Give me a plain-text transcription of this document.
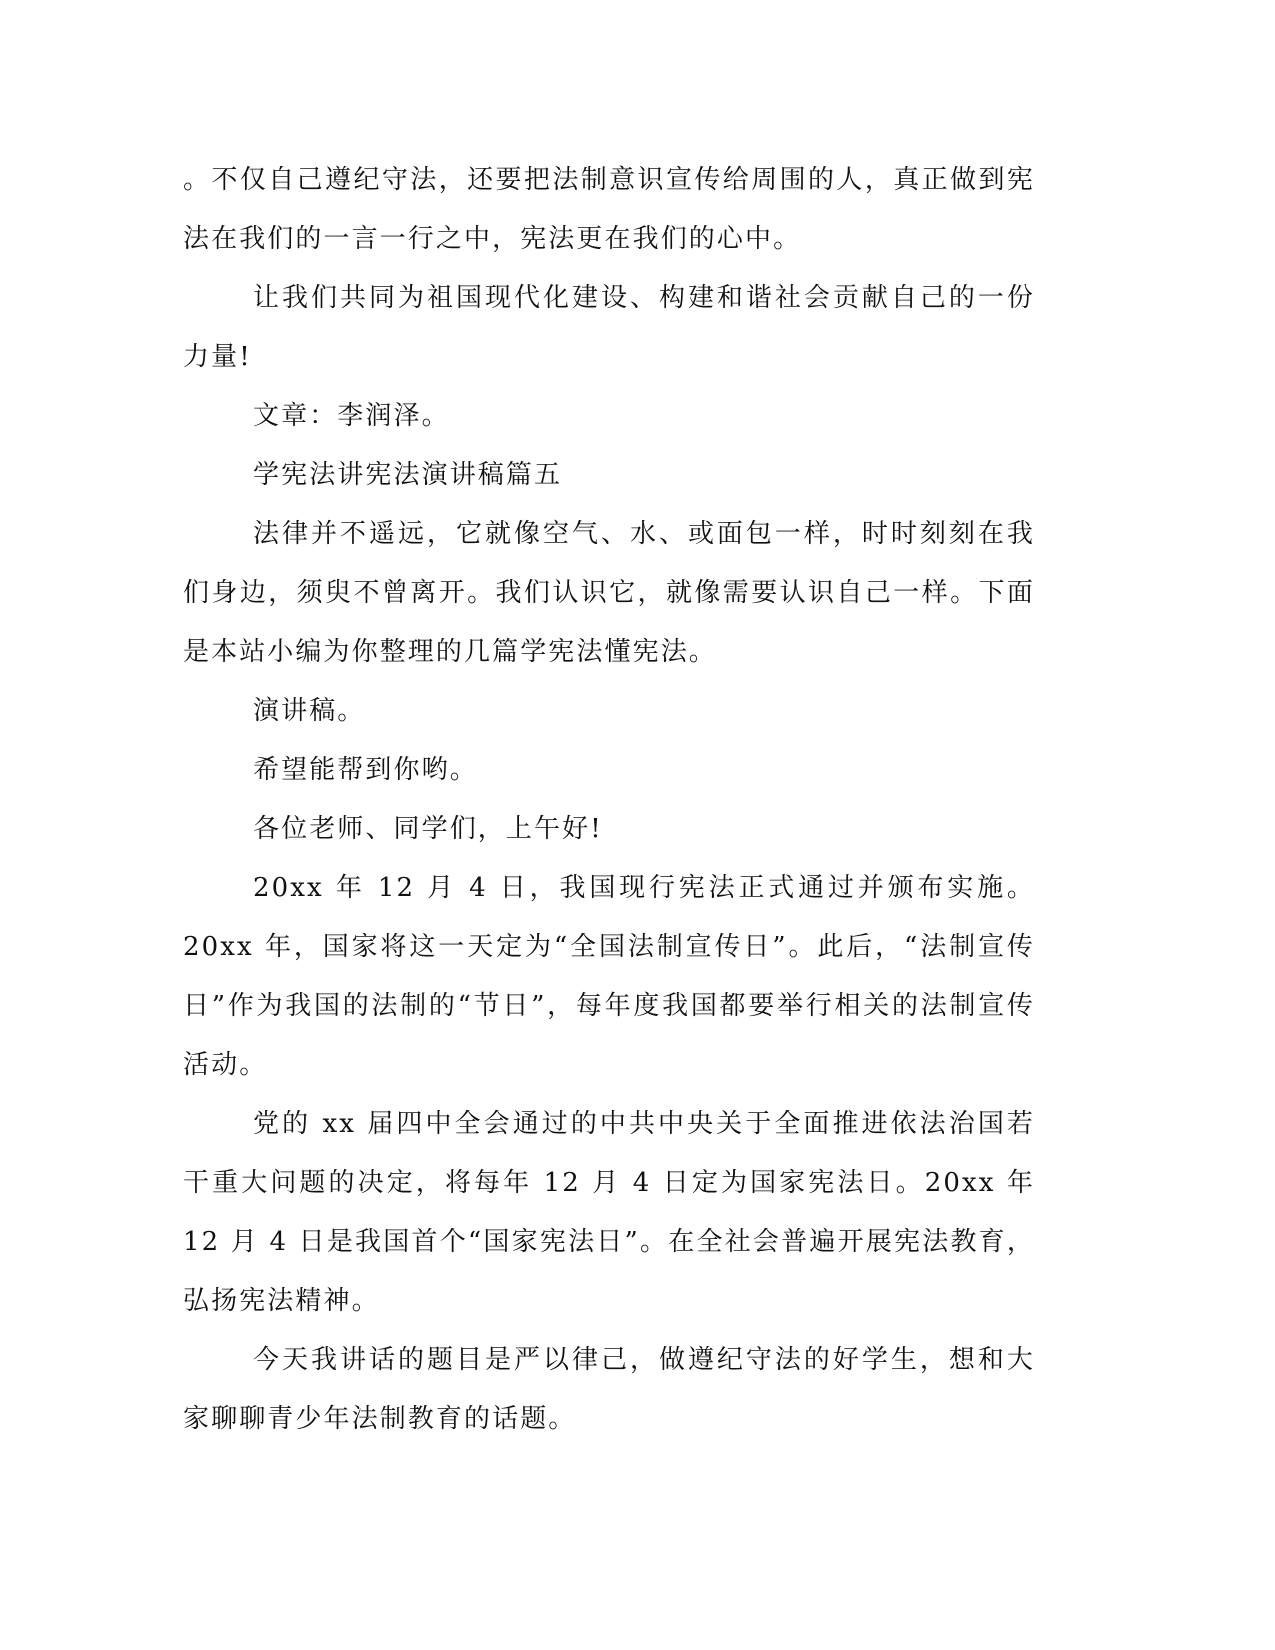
。不仅自己遵纪守法，还要把法制意识宣传给周围的人，真正做到宪法在我们的一言一行之中，宪法更在我们的心中。

让我们共同为祖国现代化建设、构建和谐社会贡献自己的一份力量!

文章：李润泽。

学宪法讲宪法演讲稿篇五

法律并不遥远，它就像空气、水、或面包一样，时时刻刻在我们身边，须臾不曾离开。我们认识它，就像需要认识自己一样。下面是本站小编为你整理的几篇学宪法懂宪法。

演讲稿。

希望能帮到你哟。

各位老师、同学们，上午好!

20xx 年 12 月 4 日，我国现行宪法正式通过并颁布实施。20xx 年，国家将这一天定为“全国法制宣传日”。此后，“法制宣传日”作为我国的法制的“节日”，每年度我国都要举行相关的法制宣传活动。

党的 xx 届四中全会通过的中共中央关于全面推进依法治国若干重大问题的决定，将每年 12 月 4 日定为国家宪法日。20xx 年 12 月 4 日是我国首个“国家宪法日”。在全社会普遍开展宪法教育，弘扬宪法精神。

今天我讲话的题目是严以律己，做遵纪守法的好学生，想和大家聊聊青少年法制教育的话题。
